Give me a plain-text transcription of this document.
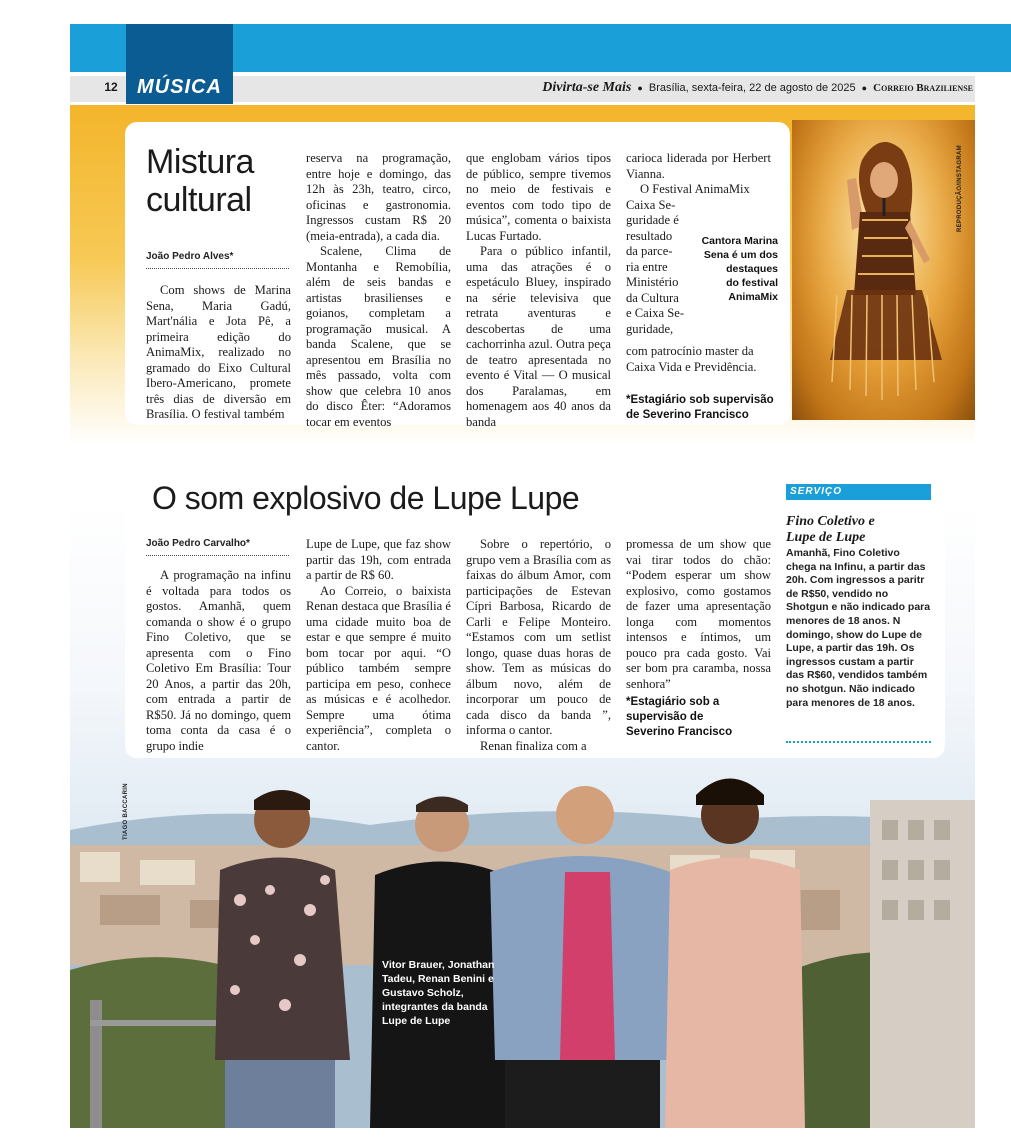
12 MÚSICA	Divirta-se Mais ● Brasília, sexta-feira, 22 de agosto de 2025 ● Correio Braziliense
REPRODUÇÃO/INSTAGRAM
Mistura
cultural
João Pedro Alves*

Com shows de Marina Sena, Maria Gadú, Mart'nália e Jota Pê, a primeira edição do AnimaMix, realizado no gramado do Eixo Cultural Ibero-Americano, promete três dias de diversão em Brasília. O festival também

reserva na programação, entre hoje e domingo, das 12h às 23h, teatro, circo, oficinas e gastronomia. Ingressos custam R$ 20 (meia-entrada), a cada dia.

Scalene, Clima de Montanha e Remobília, além de seis bandas e artistas brasilienses e goianos, completam a programação musical. A banda Scalene, que se apresentou em Brasília no mês passado, volta com show que celebra 10 anos do disco Êter: “Adoramos tocar em eventos

que englobam vários tipos de público, sempre tivemos no meio de festivais e eventos com todo tipo de música”, comenta o baixista Lucas Furtado.

Para o público infantil, uma das atrações é o espetáculo Bluey, inspirado na série televisiva que retrata aventuras e descobertas de uma cachorrinha azul. Outra peça de teatro apresentada no evento é Vital — O musical dos Paralamas, em homenagem aos 40 anos da banda

carioca liderada por Herbert Vianna.

O Festival AnimaMix
Caixa Se-
guridade é
resultado
da parce-
ria entre
Ministério
da Cultura
e Caixa Se-
guridade,

com patrocínio master da Caixa Vida e Previdência.

Cantora Marina
Sena é um dos
destaques
do festival
AnimaMix
*Estagiário sob supervisão
de Severino Francisco
TIAGO BACCARIN
Vitor Brauer, Jonathan Tadeu, Renan Benini e Gustavo Scholz, integrantes da banda Lupe de Lupe
O som explosivo de Lupe Lupe
João Pedro Carvalho*

A programação na infinu é voltada para todos os gostos. Amanhã, quem comanda o show é o grupo Fino Coletivo, que se apresenta com o Fino Coletivo Em Brasília: Tour 20 Anos, a partir das 20h, com entrada a partir de R$50. Já no domingo, quem toma conta da casa é o grupo indie

Lupe de Lupe, que faz show partir das 19h, com entrada a partir de R$ 60.

Ao Correio, o baixista Renan destaca que Brasília é uma cidade muito boa de estar e que sempre é muito bom tocar por aqui. “O público também sempre participa em peso, conhece as músicas e é acolhedor. Sempre uma ótima experiência”, completa o cantor.

Sobre o repertório, o grupo vem a Brasília com as faixas do álbum Amor, com participações de Estevan Cípri Barbosa, Ricardo de Carli e Felipe Monteiro. “Estamos com um setlist longo, quase duas horas de show. Tem as músicas do álbum novo, além de incorporar um pouco de cada disco da banda ”, informa o cantor.

Renan finaliza com a

promessa de um show que vai tirar todos do chão: “Podem esperar um show explosivo, como gostamos de fazer uma apresentação longa com momentos intensos e íntimos, um pouco pra cada gosto. Vai ser bom pra caramba, nossa senhora”

*Estagiário sob a
supervisão de
Severino Francisco
SERVIÇO
Fino Coletivo e
Lupe de Lupe
Amanhã, Fino Coletivo chega na Infinu, a partir das 20h. Com ingressos a paritr de R$50, vendido no Shotgun e não indicado para menores de 18 anos. N domingo, show do Lupe de Lupe, a partir das 19h. Os ingressos custam a partir das R$60, vendidos também no shotgun. Não indicado para menores de 18 anos.
